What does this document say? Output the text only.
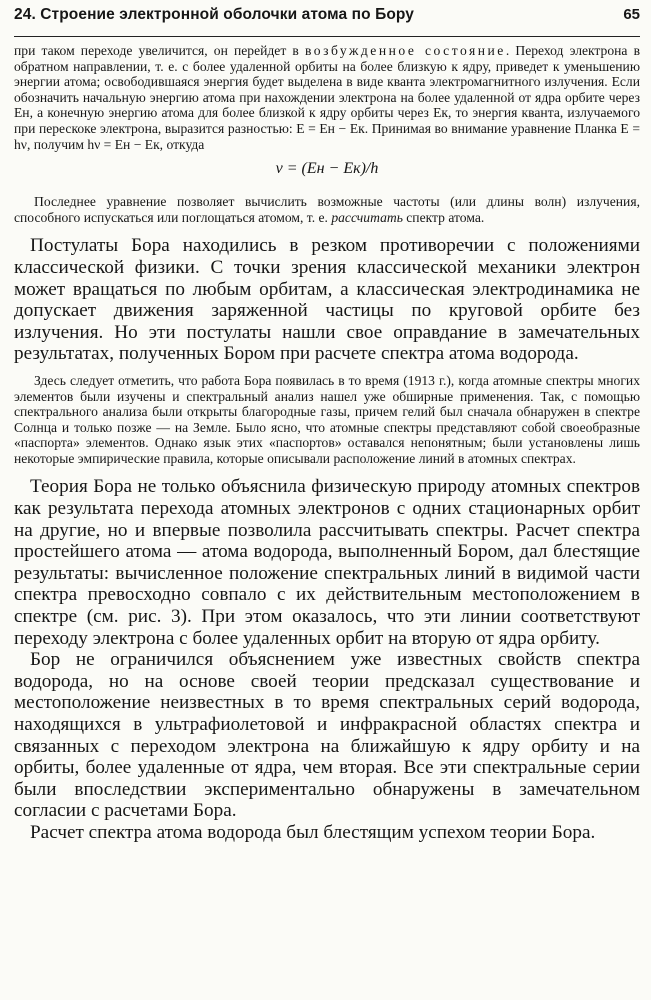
24. Строение электронной оболочки атома по Бору	65

при таком переходе увеличится, он перейдет в возбужденное состояние. Переход электрона в обратном направлении, т. е. с более удаленной орбиты на более близкую к ядру, приведет к уменьшению энергии атома; освободившаяся энергия будет выделена в виде кванта электромагнитного излучения. Если обозначить начальную энергию атома при нахождении электрона на более удаленной от ядра орбите через Eн, а конечную энергию атома для более близкой к ядру орбиты через Eк, то энергия кванта, излучаемого при перескоке электрона, выразится разностью: E = Eн − Eк. Принимая во внимание уравнение Планка E = hν, получим hν = Eн − Eк, откуда

ν = (Eн − Eк)/h

Последнее уравнение позволяет вычислить возможные частоты (или длины волн) излучения, способного испускаться или поглощаться атомом, т. е. рассчитать спектр атома.

Постулаты Бора находились в резком противоречии с положениями классической физики. С точки зрения классической механики электрон может вращаться по любым орбитам, а классическая электродинамика не допускает движения заряженной частицы по круговой орбите без излучения. Но эти постулаты нашли свое оправдание в замечательных результатах, полученных Бором при расчете спектра атома водорода.

Здесь следует отметить, что работа Бора появилась в то время (1913 г.), когда атомные спектры многих элементов были изучены и спектральный анализ нашел уже обширные применения. Так, с помощью спектрального анализа были открыты благородные газы, причем гелий был сначала обнаружен в спектре Солнца и только позже — на Земле. Было ясно, что атомные спектры представляют собой своеобразные «паспорта» элементов. Однако язык этих «паспортов» оставался непонятным; были установлены лишь некоторые эмпирические правила, которые описывали расположение линий в атомных спектрах.

Теория Бора не только объяснила физическую природу атомных спектров как результата перехода атомных электронов с одних стационарных орбит на другие, но и впервые позволила рассчитывать спектры. Расчет спектра простейшего атома — атома водорода, выполненный Бором, дал блестящие результаты: вычисленное положение спектральных линий в видимой части спектра превосходно совпало с их действительным местоположением в спектре (см. рис. 3). При этом оказалось, что эти линии соответствуют переходу электрона с более удаленных орбит на вторую от ядра орбиту.

Бор не ограничился объяснением уже известных свойств спектра водорода, но на основе своей теории предсказал существование и местоположение неизвестных в то время спектральных серий водорода, находящихся в ультрафиолетовой и инфракрасной областях спектра и связанных с переходом электрона на ближайшую к ядру орбиту и на орбиты, более удаленные от ядра, чем вторая. Все эти спектральные серии были впоследствии экспериментально обнаружены в замечательном согласии с расчетами Бора.

Расчет спектра атома водорода был блестящим успехом теории Бора.
